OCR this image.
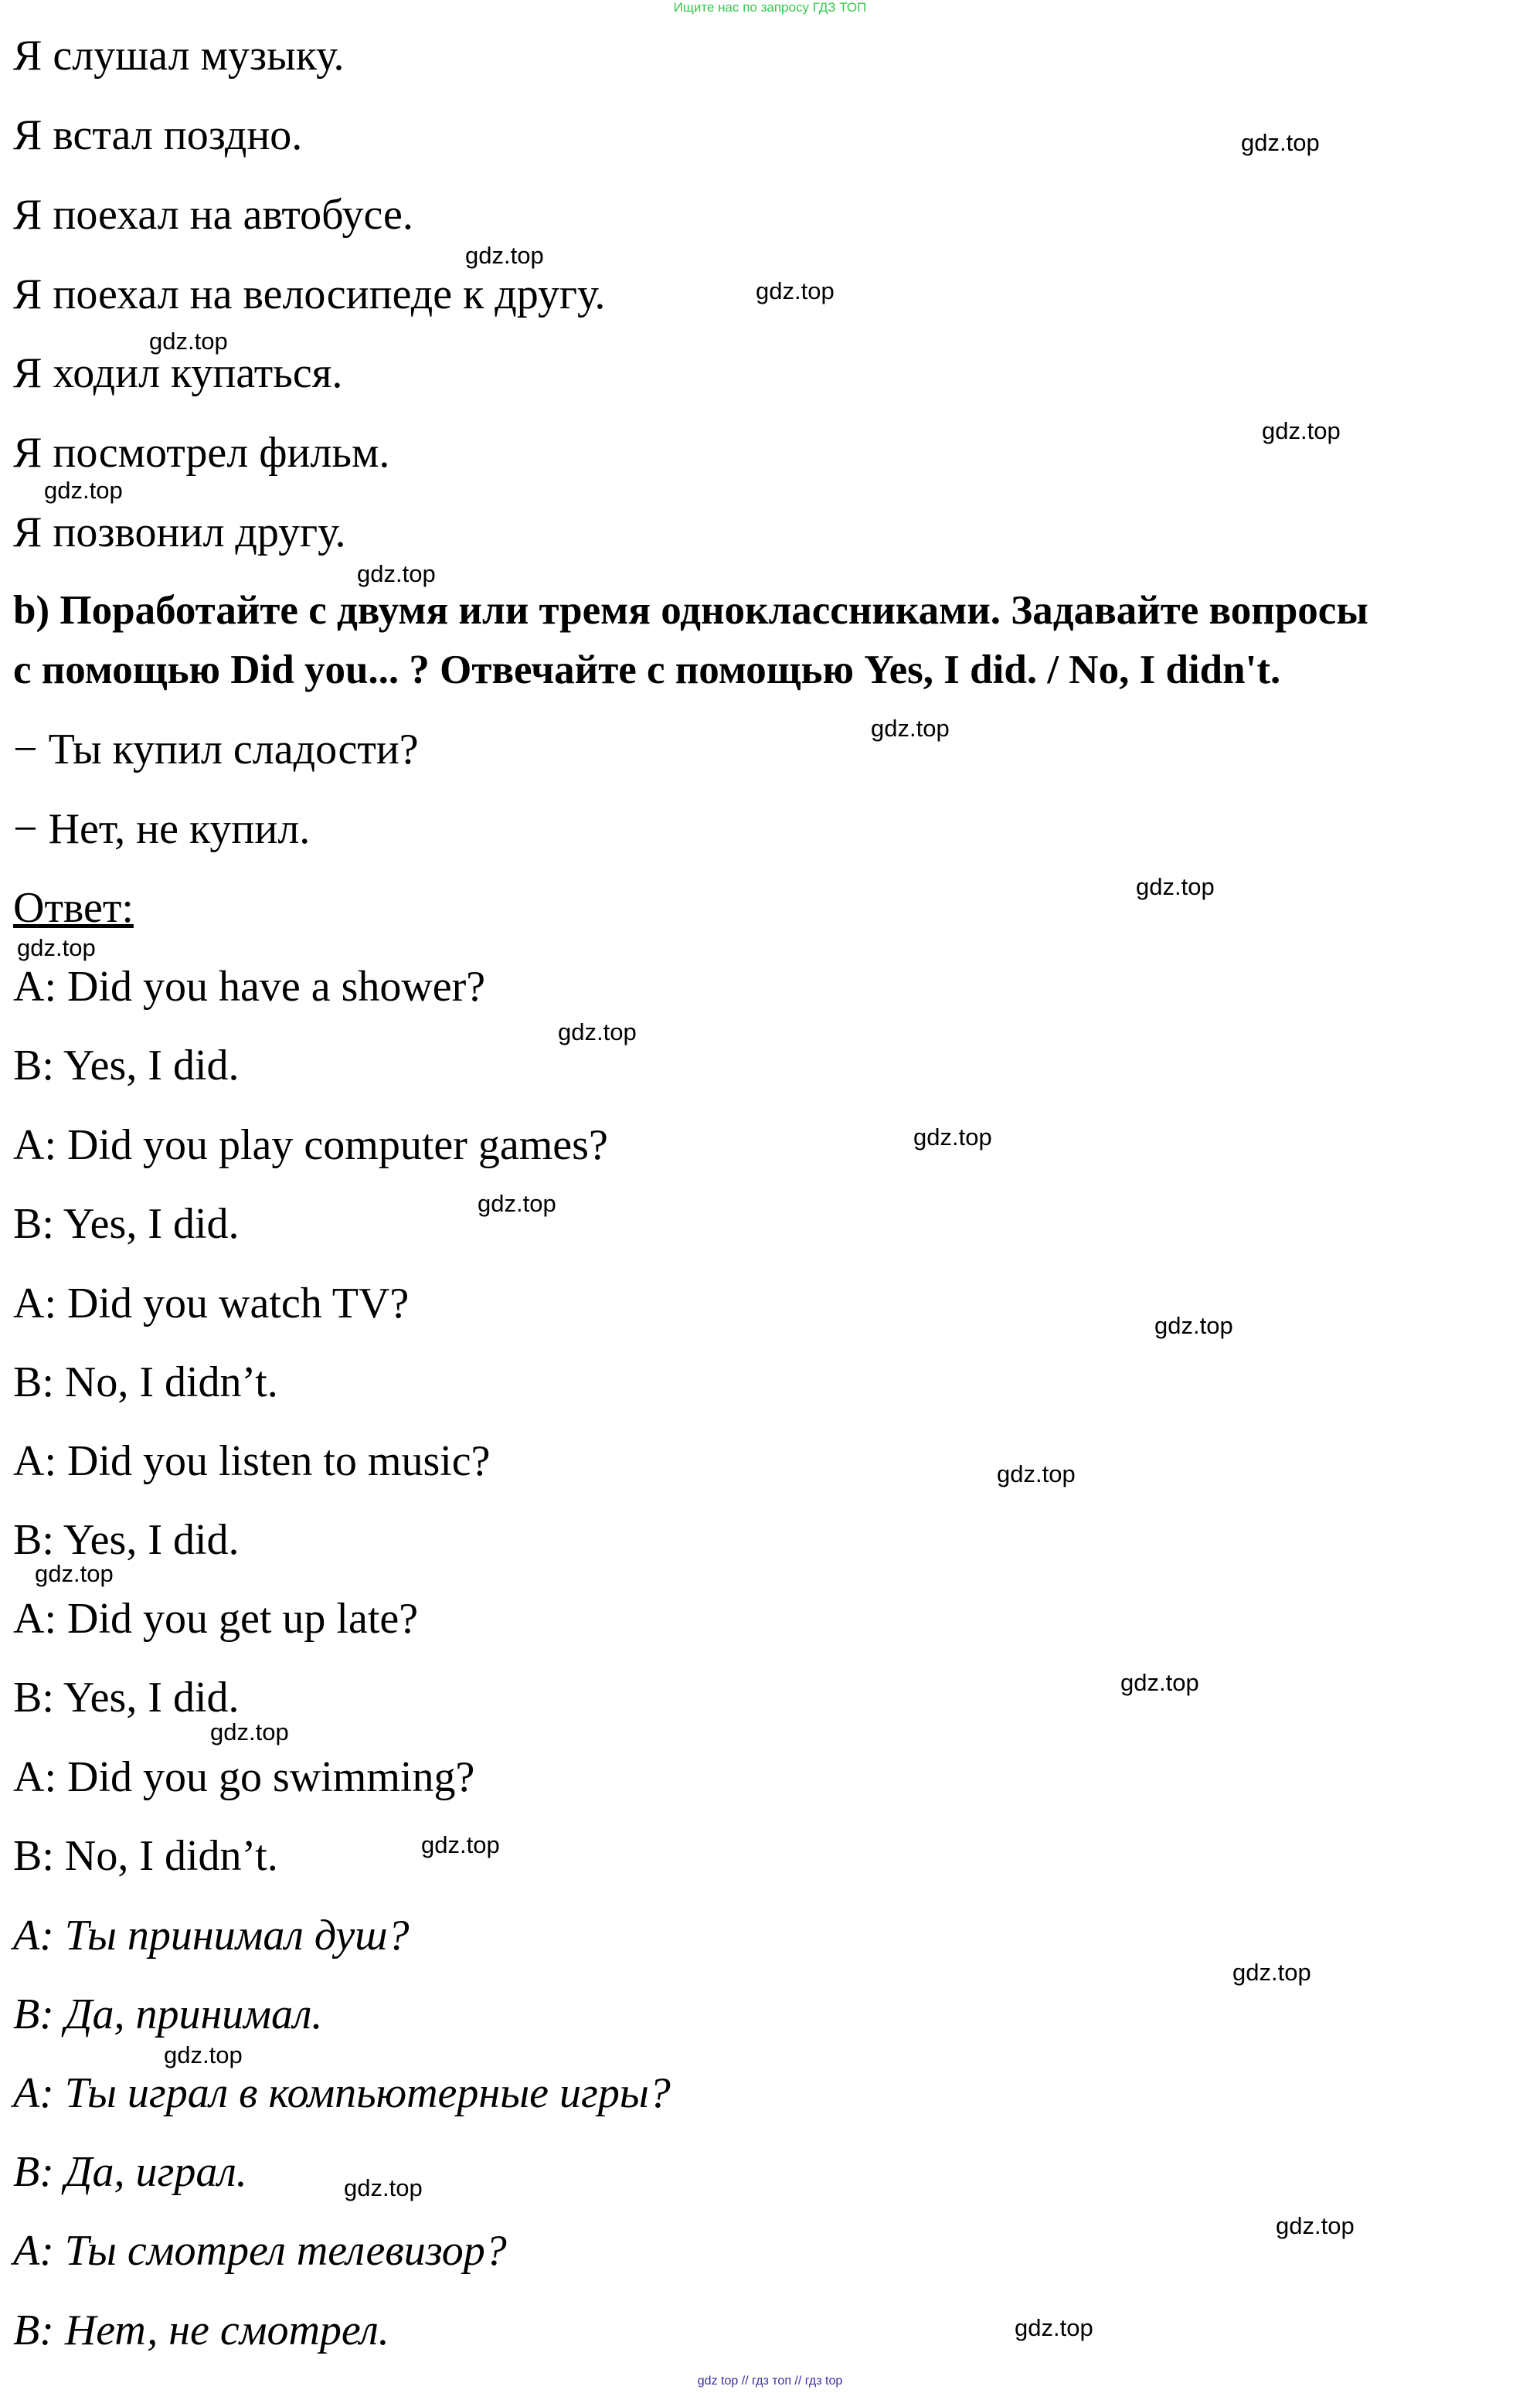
Ищите нас по запросу ГДЗ ТОП
Я слушал музыку.
Я встал поздно.
Я поехал на автобусе.
Я поехал на велосипеде к другу.
Я ходил купаться.
Я посмотрел фильм.
Я позвонил другу.
b) Поработайте с двумя или тремя одноклассниками. Задавайте вопросы
с помощью Did you... ? Отвечайте с помощью Yes, I did. / No, I didn't.
− Ты купил сладости?
− Нет, не купил.
Ответ:
A: Did you have a shower?
B: Yes, I did.
A: Did you play computer games?
B: Yes, I did.
A: Did you watch TV?
B: No, I didn’t.
A: Did you listen to music?
B: Yes, I did.
A: Did you get up late?
B: Yes, I did.
A: Did you go swimming?
B: No, I didn’t.
A: Ты принимал душ?
B: Да, принимал.
A: Ты играл в компьютерные игры?
B: Да, играл.
A: Ты смотрел телевизор?
B: Нет, не смотрел.
gdz.top
gdz.top
gdz.top
gdz.top
gdz.top
gdz.top
gdz.top
gdz.top
gdz.top
gdz.top
gdz.top
gdz.top
gdz.top
gdz.top
gdz.top
gdz.top
gdz.top
gdz.top
gdz.top
gdz.top
gdz.top
gdz.top
gdz.top
gdz.top
gdz top // гдз топ // гдз top
